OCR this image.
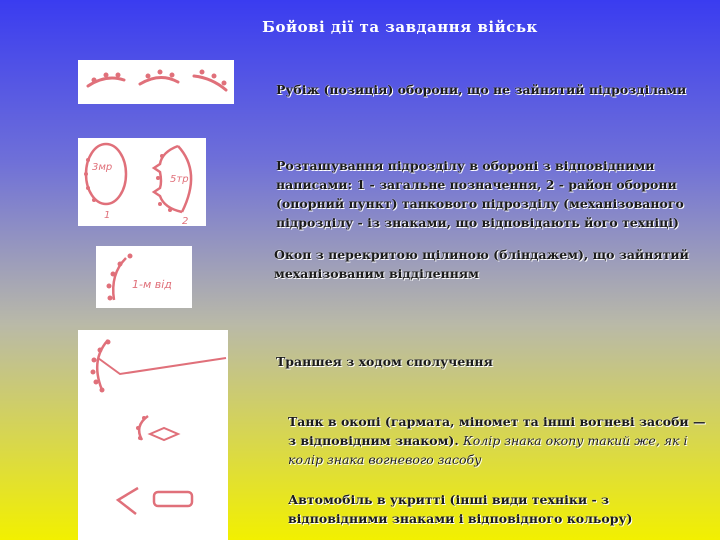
Бойові дії та завдання військ
Рубіж (позиція) оборони, що не зайнятий підрозділами
3мр
1
5тр
2
Розташування підрозділу в обороні з відповідними написами: 1 - загальне позначення, 2 - район оборони (опорний пункт) танкового підрозділу (механізованого підрозділу - із знаками, що відповідають його техніці)
1-м від
Окоп з перекритою щілиною (бліндажем), що зайнятий механізованим відділенням
Траншея з ходом сполучення
Танк в окопі (гармата, міномет та інші вогневі засоби — з відповідним знаком). Колір знака окопу такий же, як і колір знака вогневого засобу
Автомобіль в укритті (інші види техніки - з відповідними знаками і відповідного кольору)
